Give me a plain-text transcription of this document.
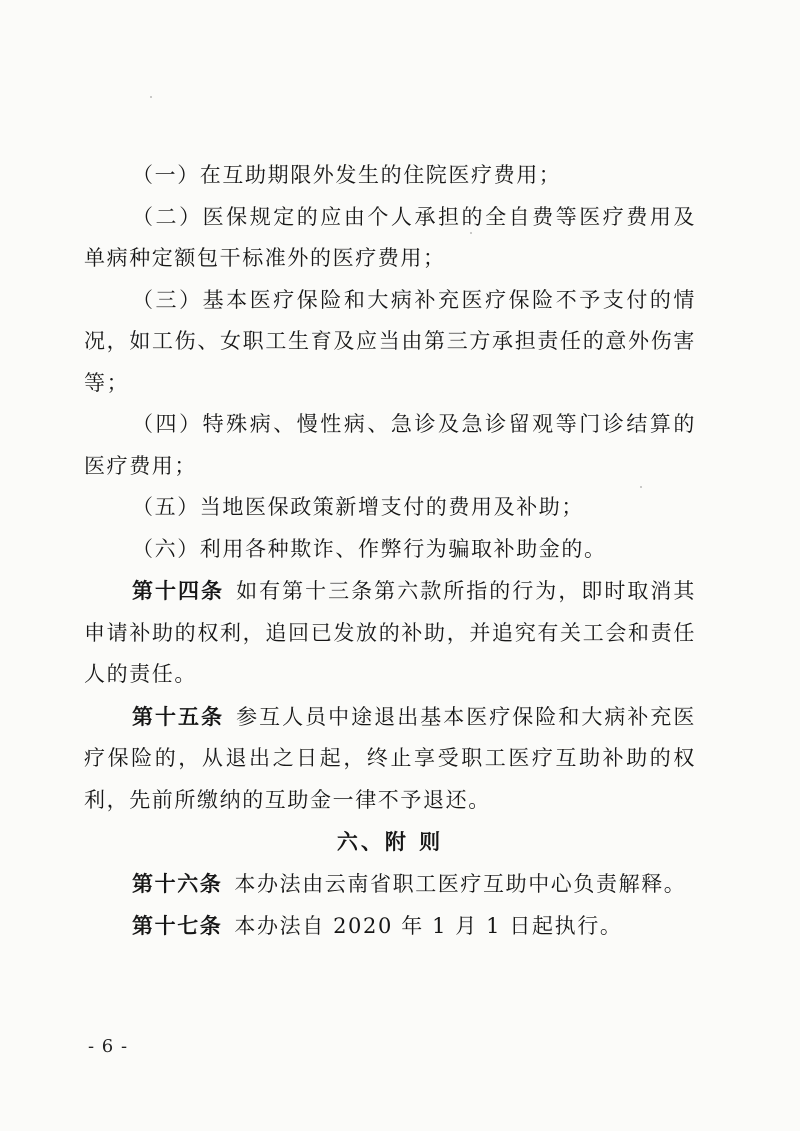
（一）在互助期限外发生的住院医疗费用；

（二）医保规定的应由个人承担的全自费等医疗费用及单病种定额包干标准外的医疗费用；

（三）基本医疗保险和大病补充医疗保险不予支付的情况，如工伤、女职工生育及应当由第三方承担责任的意外伤害等；

（四）特殊病、慢性病、急诊及急诊留观等门诊结算的医疗费用；

（五）当地医保政策新增支付的费用及补助；

（六）利用各种欺诈、作弊行为骗取补助金的。

第十四条 如有第十三条第六款所指的行为，即时取消其申请补助的权利，追回已发放的补助，并追究有关工会和责任人的责任。

第十五条 参互人员中途退出基本医疗保险和大病补充医疗保险的，从退出之日起，终止享受职工医疗互助补助的权利，先前所缴纳的互助金一律不予退还。

六、附 则

第十六条 本办法由云南省职工医疗互助中心负责解释。

第十七条 本办法自 2020 年 1 月 1 日起执行。

- 6 -
